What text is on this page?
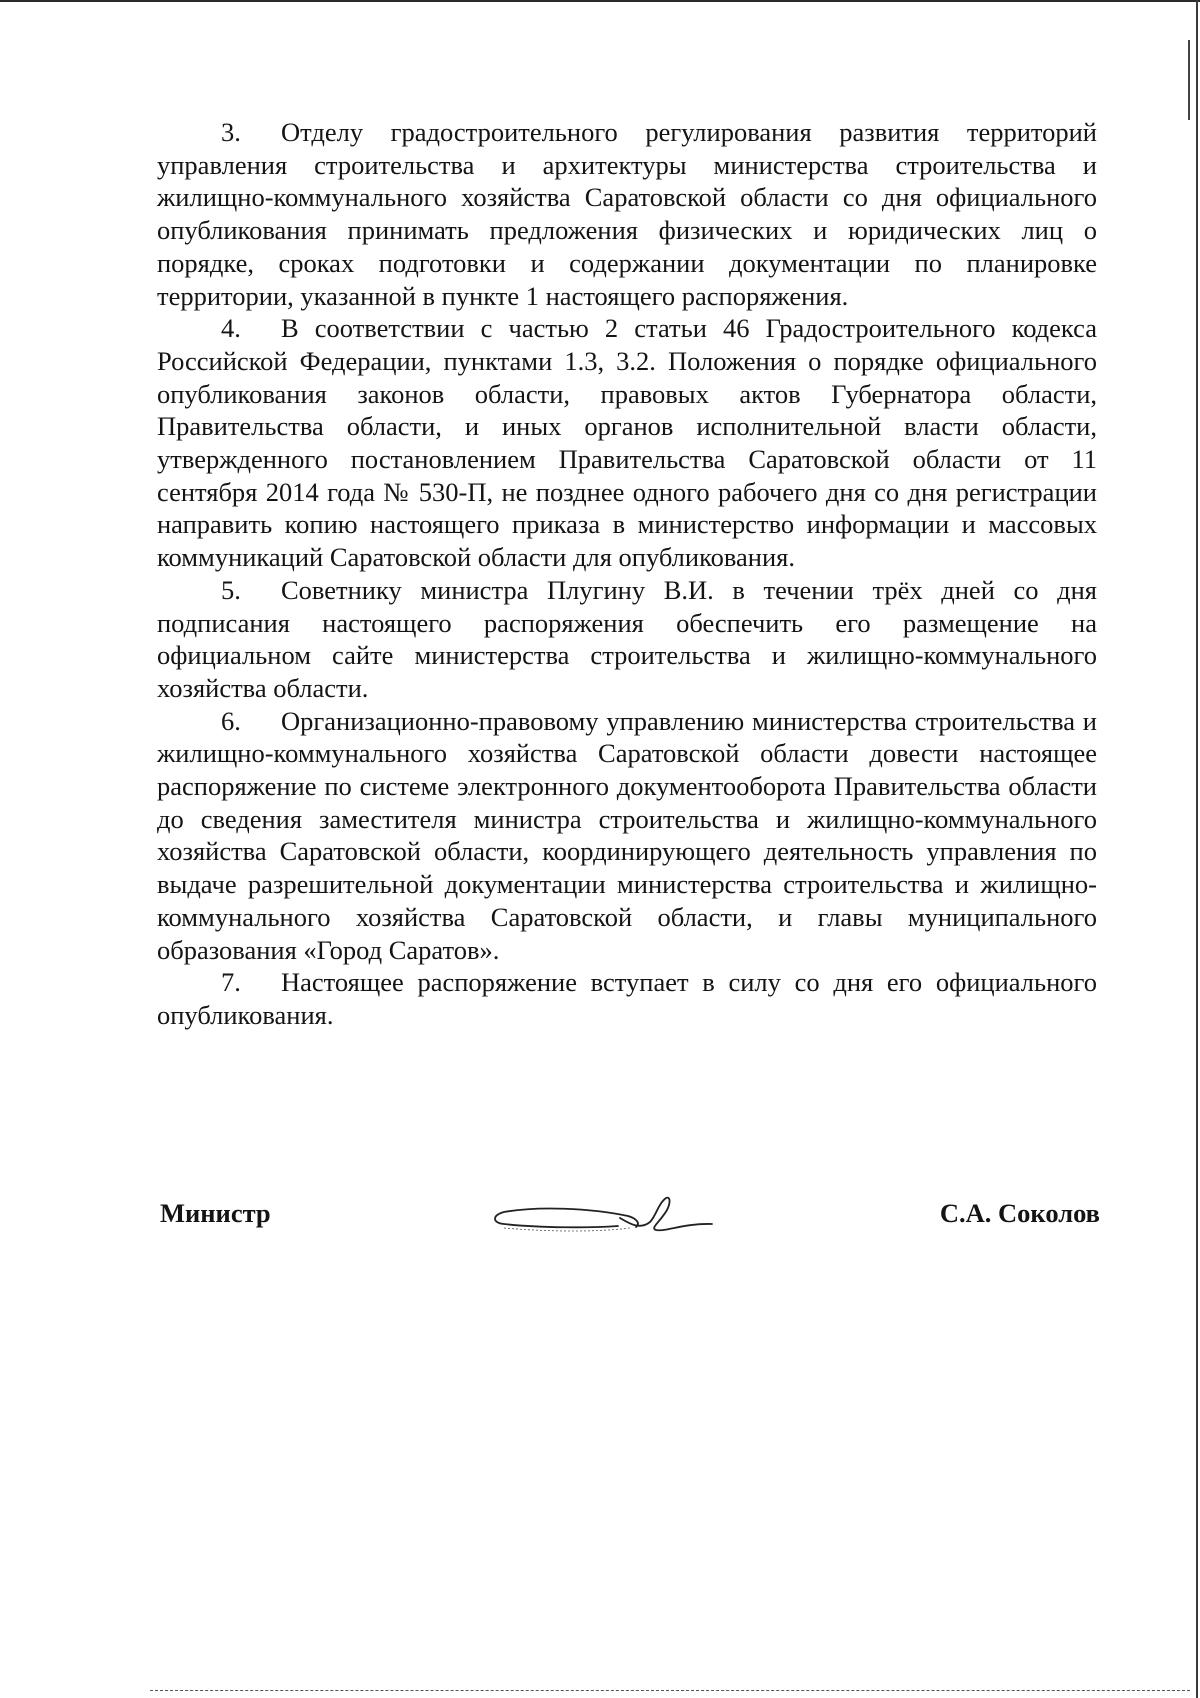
3. Отделу градостроительного регулирования развития территорий управления строительства и архитектуры министерства строительства и жилищно-коммунального хозяйства Саратовской области со дня официального опубликования принимать предложения физических и юридических лиц о порядке, сроках подготовки и содержании документации по планировке территории, указанной в пункте 1 настоящего распоряжения.

4. В соответствии с частью 2 статьи 46 Градостроительного кодекса Российской Федерации, пунктами 1.3, 3.2. Положения о порядке официального опубликования законов области, правовых актов Губернатора области, Правительства области, и иных органов исполнительной власти области, утвержденного постановлением Правительства Саратовской области от 11 сентября 2014 года № 530-П, не позднее одного рабочего дня со дня регистрации направить копию настоящего приказа в министерство информации и массовых коммуникаций Саратовской области для опубликования.

5. Советнику министра Плугину В.И. в течении трёх дней со дня подписания настоящего распоряжения обеспечить его размещение на официальном сайте министерства строительства и жилищно-коммунального хозяйства области.

6. Организационно-правовому управлению министерства строительства и жилищно-коммунального хозяйства Саратовской области довести настоящее распоряжение по системе электронного документооборота Правительства области до сведения заместителя министра строительства и жилищно-коммунального хозяйства Саратовской области, координирующего деятельность управления по выдаче разрешительной документации министерства строительства и жилищно-коммунального хозяйства Саратовской области, и главы муниципального образования «Город Саратов».

7. Настоящее распоряжение вступает в силу со дня его официального опубликования.

Министр	С.А. Соколов
